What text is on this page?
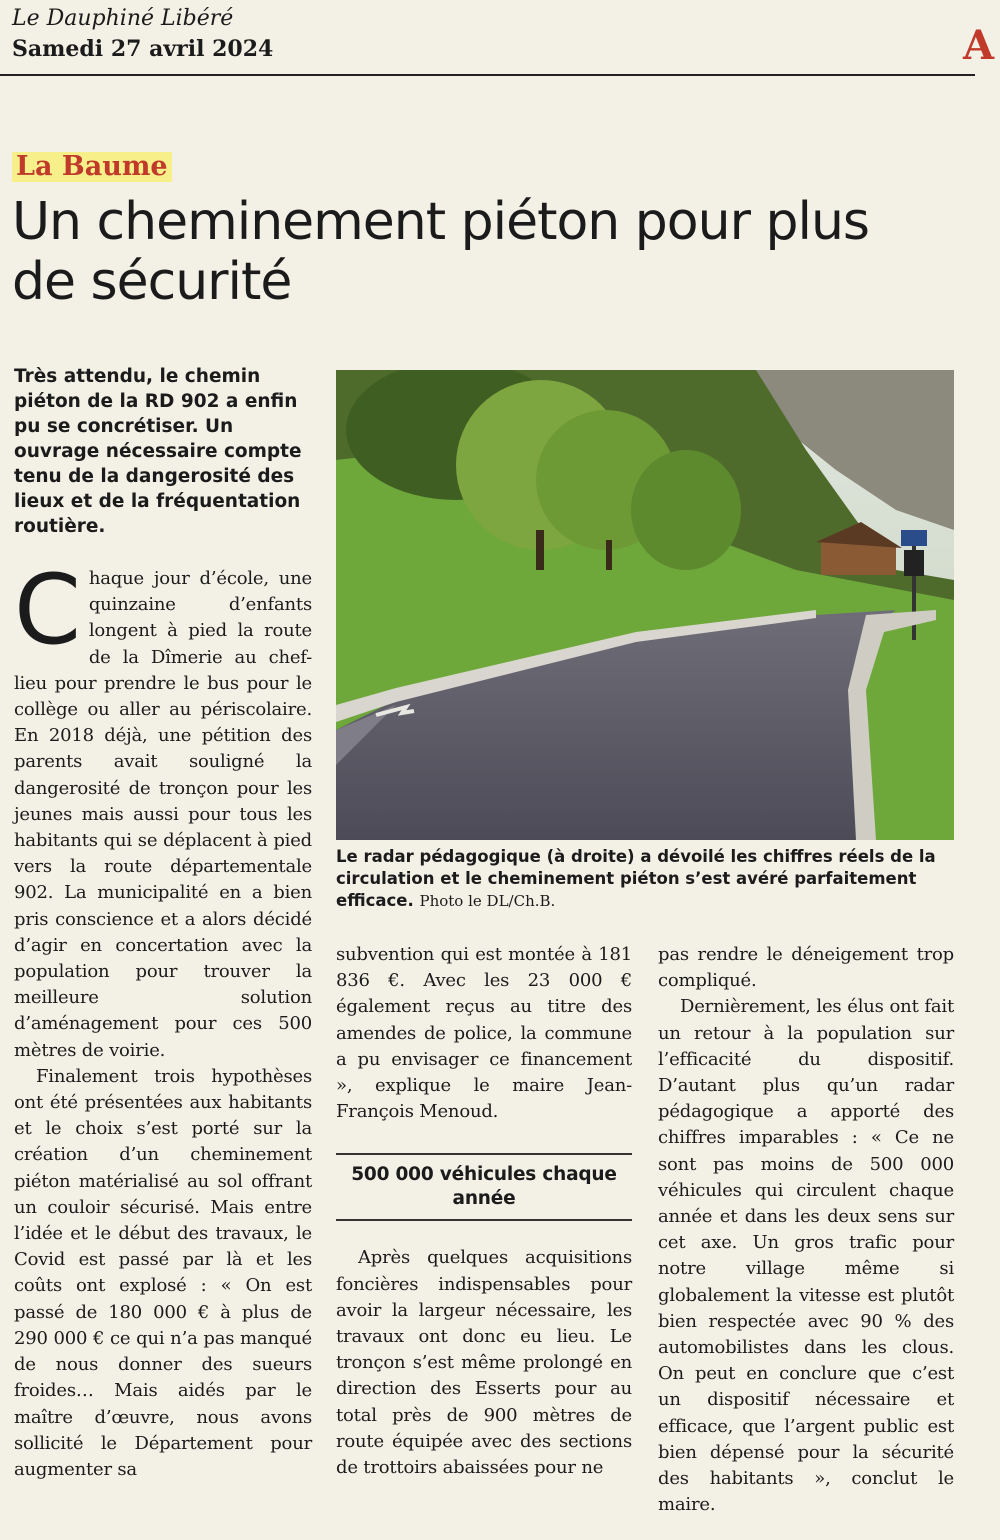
Le Dauphiné Libéré
Samedi 27 avril 2024	A
La Baume
Un cheminement piéton pour plus de sécurité
Très attendu, le chemin piéton de la RD 902 a enfin pu se concrétiser. Un ouvrage nécessaire compte tenu de la dangerosité des lieux et de la fréquentation routière.
Le radar pédagogique (à droite) a dévoilé les chiffres réels de la circulation et le cheminement piéton s’est avéré parfaitement efficace. Photo le DL/Ch.B.

Chaque jour d’école, une quinzaine d’enfants longent à pied la route de la Dîmerie au chef-lieu pour prendre le bus pour le collège ou aller au périscolaire. En 2018 déjà, une pétition des parents avait souligné la dangerosité de tronçon pour les jeunes mais aussi pour tous les habitants qui se déplacent à pied vers la route départementale 902. La municipalité en a bien pris conscience et a alors décidé d’agir en concertation avec la population pour trouver la meilleure solution d’aménagement pour ces 500 mètres de voirie.

Finalement trois hypothèses ont été présentées aux habitants et le choix s’est porté sur la création d’un cheminement piéton matérialisé au sol offrant un couloir sécurisé. Mais entre l’idée et le début des travaux, le Covid est passé par là et les coûts ont explosé : « On est passé de 180 000 € à plus de 290 000 € ce qui n’a pas manqué de nous donner des sueurs froides… Mais aidés par le maître d’œuvre, nous avons sollicité le Département pour augmenter sa

subvention qui est montée à 181 836 €. Avec les 23 000 € également reçus au titre des amendes de police, la commune a pu envisager ce financement », explique le maire Jean-François Menoud.

500 000 véhicules chaque année

Après quelques acquisitions foncières indispensables pour avoir la largeur nécessaire, les travaux ont donc eu lieu. Le tronçon s’est même prolongé en direction des Esserts pour au total près de 900 mètres de route équipée avec des sections de trottoirs abaissées pour ne

pas rendre le déneigement trop compliqué.

Dernièrement, les élus ont fait un retour à la population sur l’efficacité du dispositif. D’autant plus qu’un radar pédagogique a apporté des chiffres imparables : « Ce ne sont pas moins de 500 000 véhicules qui circulent chaque année et dans les deux sens sur cet axe. Un gros trafic pour notre village même si globalement la vitesse est plutôt bien respectée avec 90 % des automobilistes dans les clous. On peut en conclure que c’est un dispositif nécessaire et efficace, que l’argent public est bien dépensé pour la sécurité des habitants », conclut le maire.
